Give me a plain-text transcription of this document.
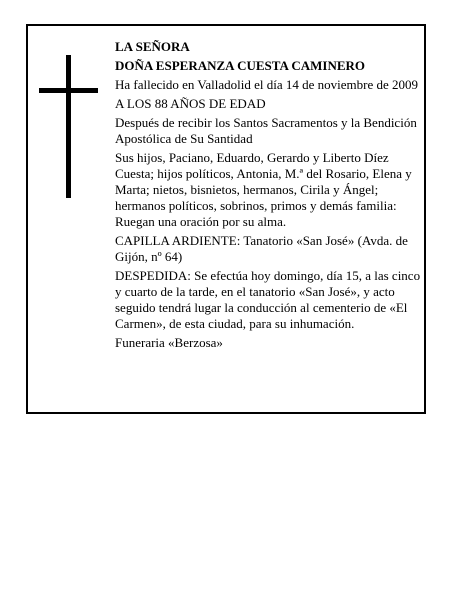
LA SEÑORA

DOÑA ESPERANZA CUESTA CAMINERO

Ha fallecido en Valladolid el día 14 de noviembre de 2009

A LOS 88 AÑOS DE EDAD

Después de recibir los Santos Sacramentos y la Bendición Apostólica de Su Santidad

Sus hijos, Paciano, Eduardo, Gerardo y Liberto Díez Cuesta; hijos políticos, Antonia, M.ª del Rosario, Elena y Marta; nietos, bisnietos, hermanos, Cirila y Ángel; hermanos políticos, sobrinos, primos y demás familia: Ruegan una oración por su alma.

CAPILLA ARDIENTE: Tanatorio «San José» (Avda. de Gijón, nº 64)

DESPEDIDA: Se efectúa hoy domingo, día 15, a las cinco y cuarto de la tarde, en el tanatorio «San José», y acto seguido tendrá lugar la conducción al cementerio de «El Carmen», de esta ciudad, para su inhumación.

Funeraria «Berzosa»
